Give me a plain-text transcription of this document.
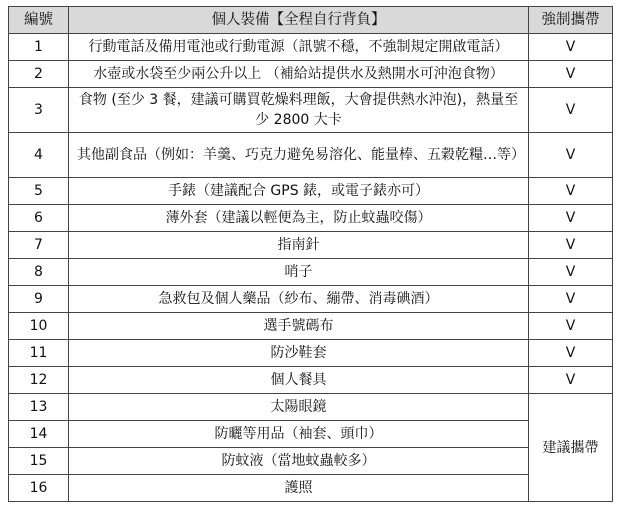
編號	個人裝備【全程自行背負】	強制攜帶
1	行動電話及備用電池或行動電源（訊號不穩，不強制規定開啟電話）	V
2	水壺或水袋至少兩公升以上 （補給站提供水及熱開水可沖泡食物）	V
3	食物 (至少 3 餐，建議可購買乾燥料理飯，大會提供熱水沖泡)，熱量至少 2800 大卡	V
4	其他副食品（例如：羊羹、巧克力避免易溶化、能量棒、五穀乾糧…等）	V
5	手錶（建議配合 GPS 錶，或電子錶亦可）	V
6	薄外套（建議以輕便為主，防止蚊蟲咬傷）	V
7	指南針	V
8	哨子	V
9	急救包及個人藥品（紗布、繃帶、消毒碘酒）	V
10	選手號碼布	V
11	防沙鞋套	V
12	個人餐具	V
13	太陽眼鏡	建議攜帶
14	防曬等用品（袖套、頭巾）	
15	防蚊液（當地蚊蟲較多）	
16	護照	
